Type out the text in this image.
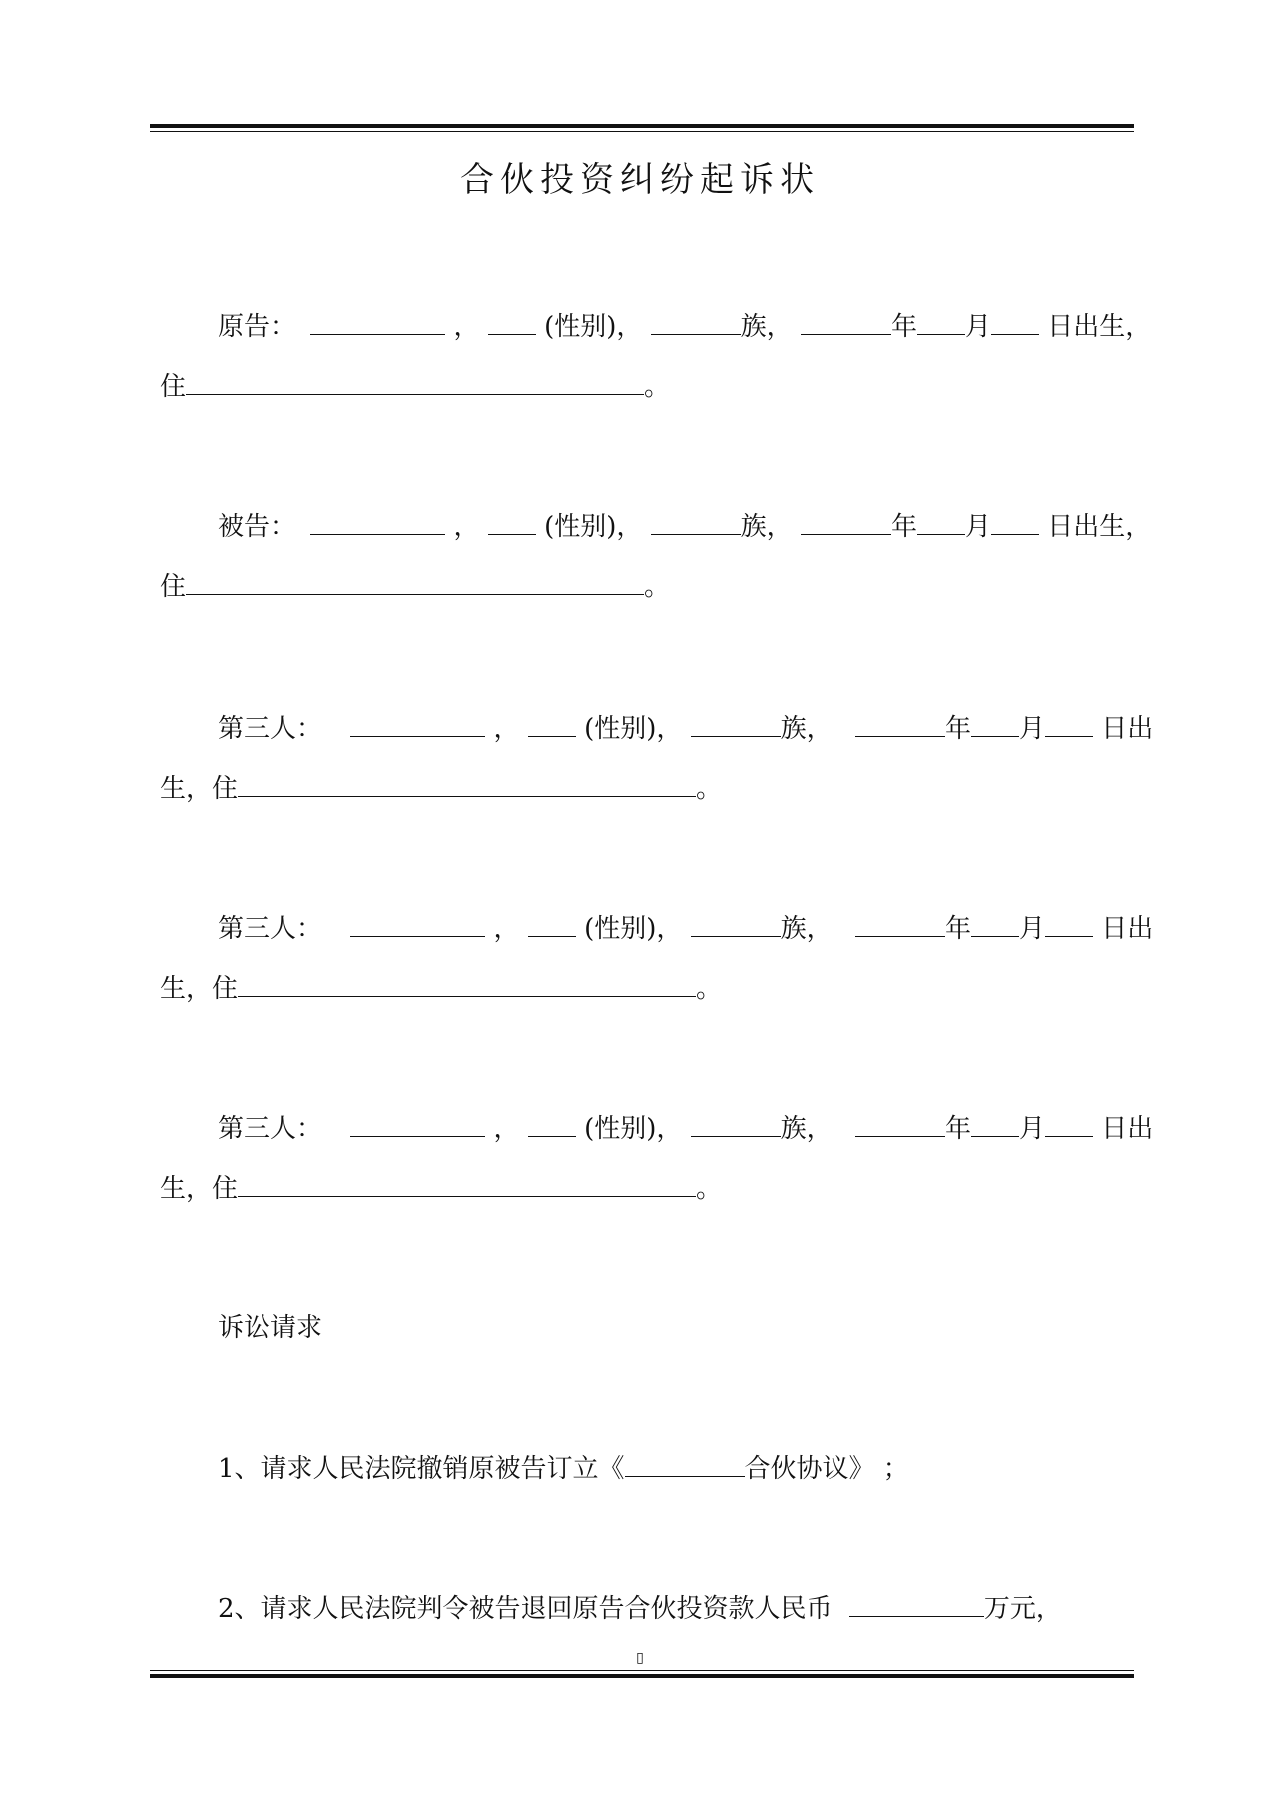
合伙投资纠纷起诉状
原告：	， (性别)，	族，	年 月 日出生，
住	。
被告：	， (性别)，	族，	年 月 日出生，
住	。
第三人：	， (性别)，	族，	年 月 日出
生，住	。
第三人：	， (性别)，	族，	年 月 日出
生，住	。
第三人：	， (性别)，	族，	年 月 日出
生，住	。
诉讼请求
1、请求人民法院撤销原被告订立《	合伙协议》 ；
2、请求人民法院判令被告退回原告合伙投资款人民币	万元，
▯
